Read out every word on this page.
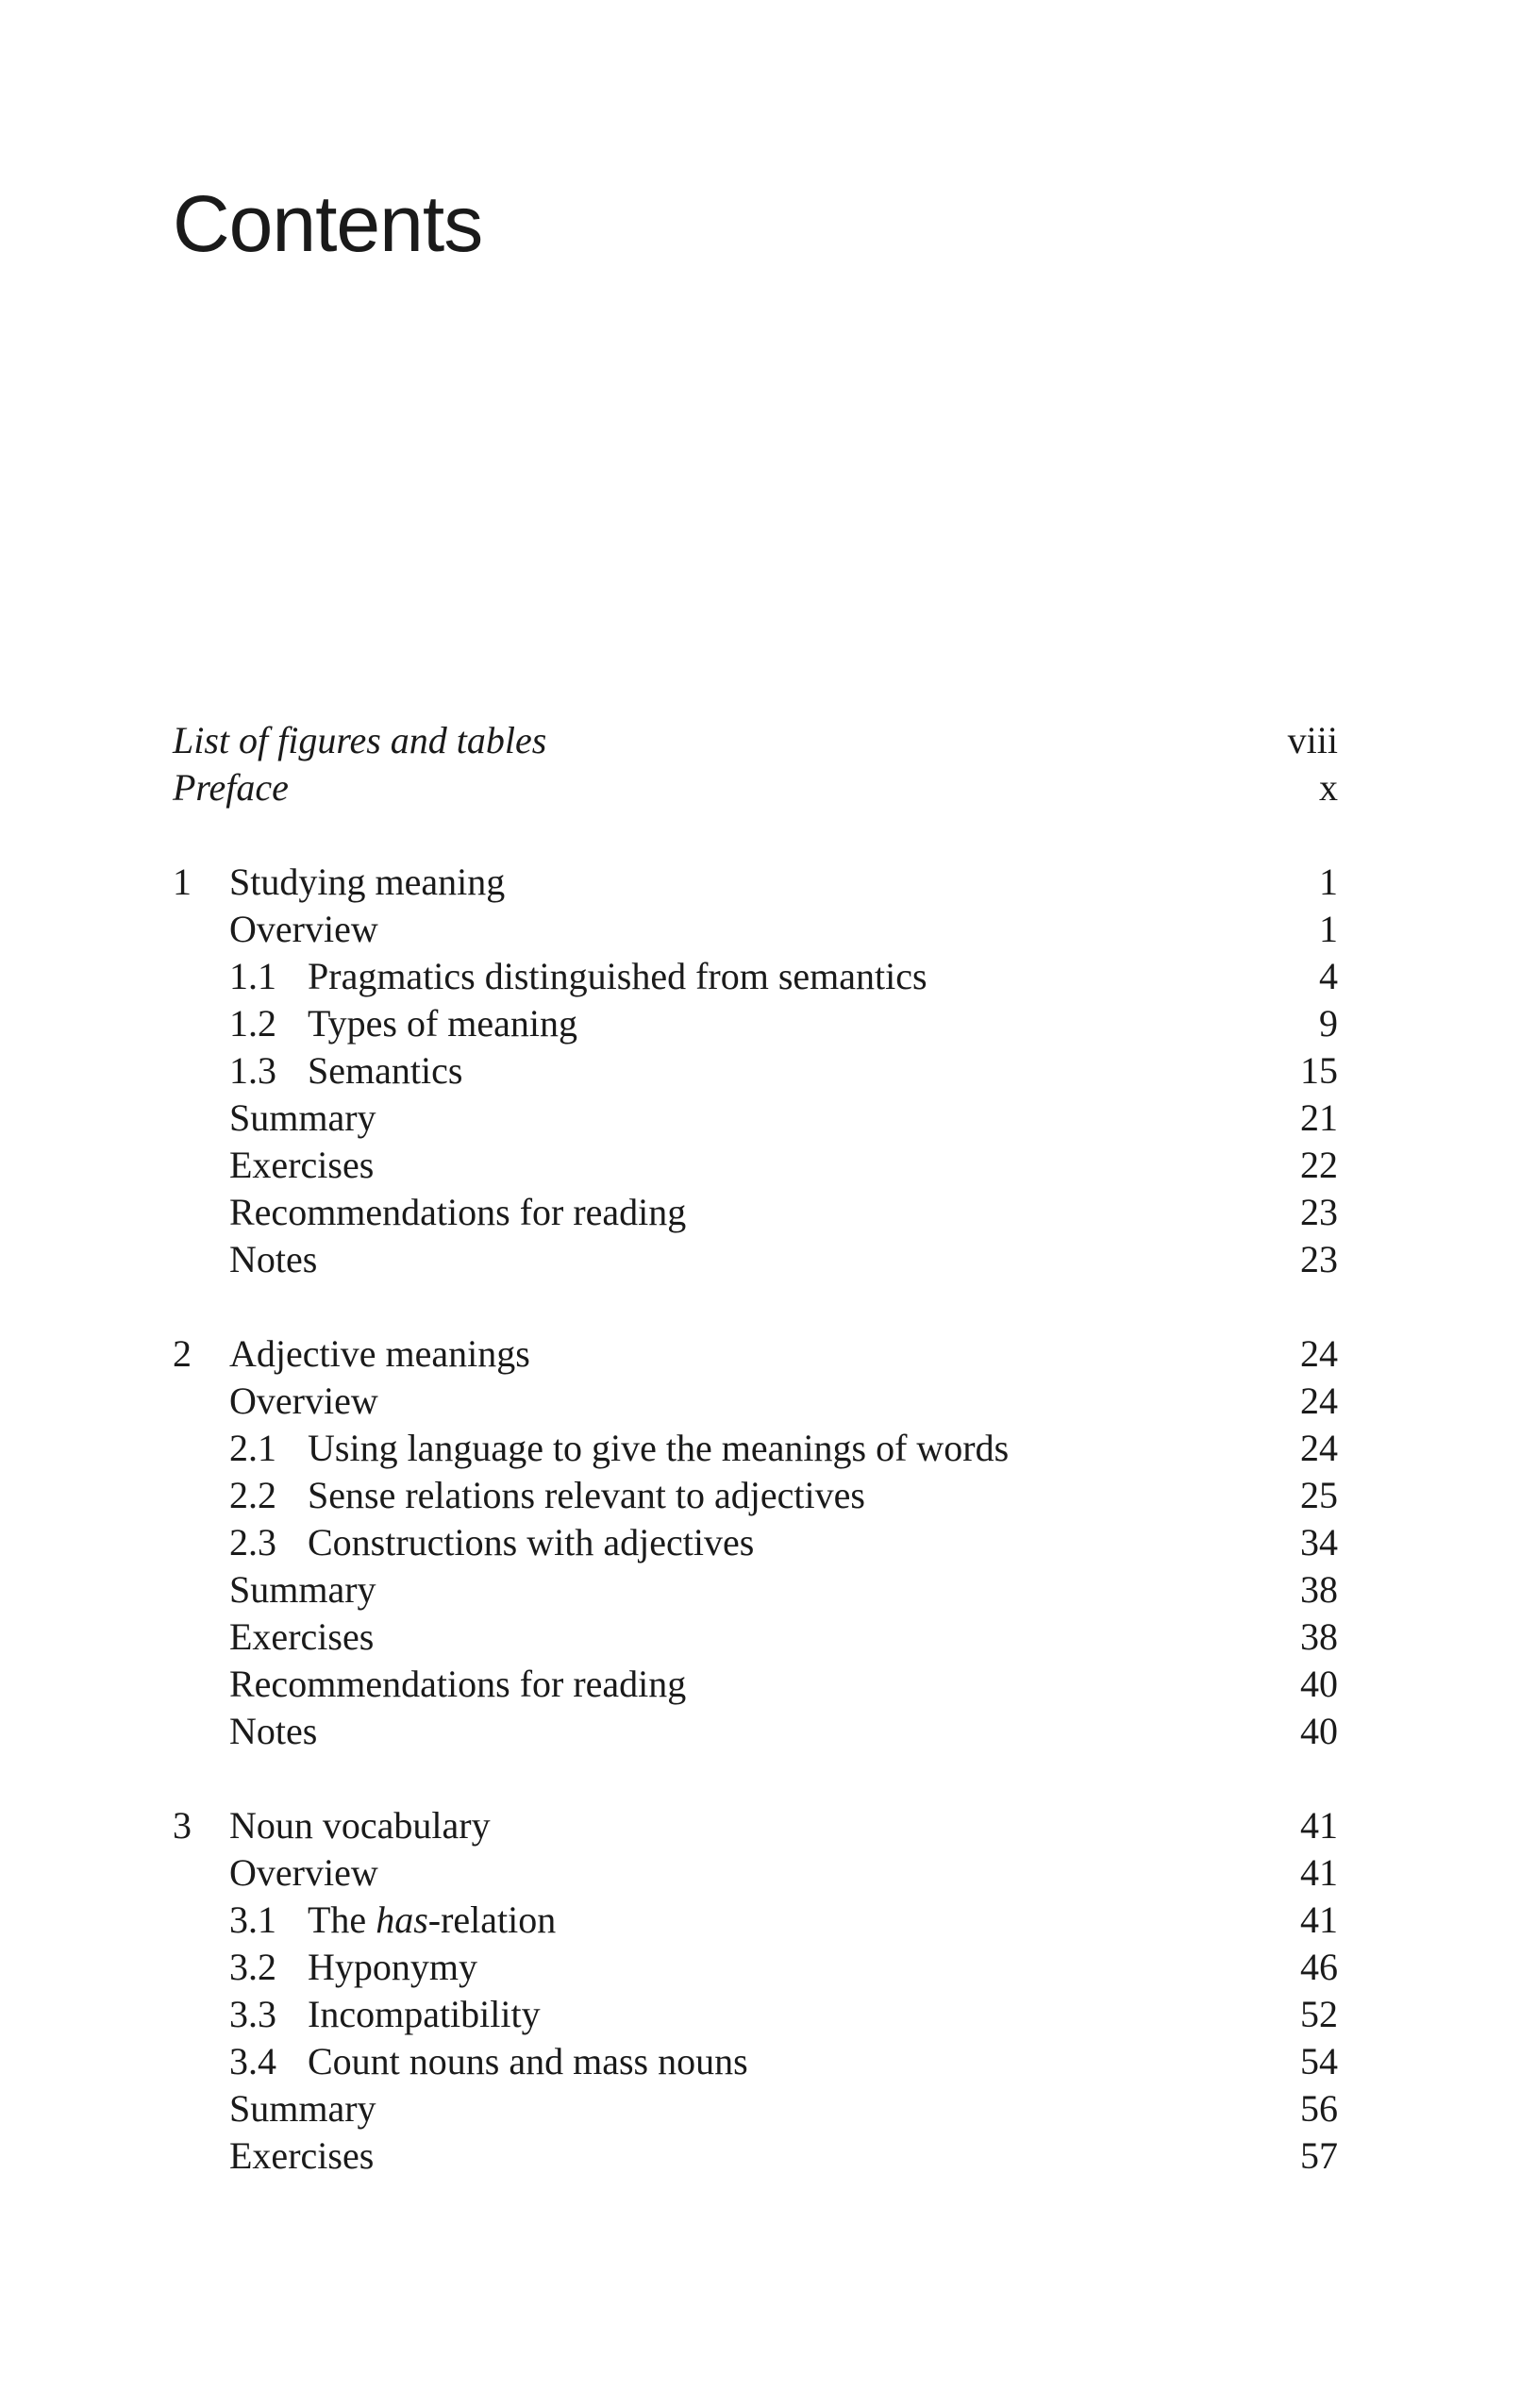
Contents
List of figures and tables	viii
Preface	x
1 Studying meaning	1
Overview	1
1.1 Pragmatics distinguished from semantics	4
1.2 Types of meaning	9
1.3 Semantics	15
Summary	21
Exercises	22
Recommendations for reading	23
Notes	23
2 Adjective meanings	24
Overview	24
2.1 Using language to give the meanings of words	24
2.2 Sense relations relevant to adjectives	25
2.3 Constructions with adjectives	34
Summary	38
Exercises	38
Recommendations for reading	40
Notes	40
3 Noun vocabulary	41
Overview	41
3.1 The has-relation	41
3.2 Hyponymy	46
3.3 Incompatibility	52
3.4 Count nouns and mass nouns	54
Summary	56
Exercises	57
